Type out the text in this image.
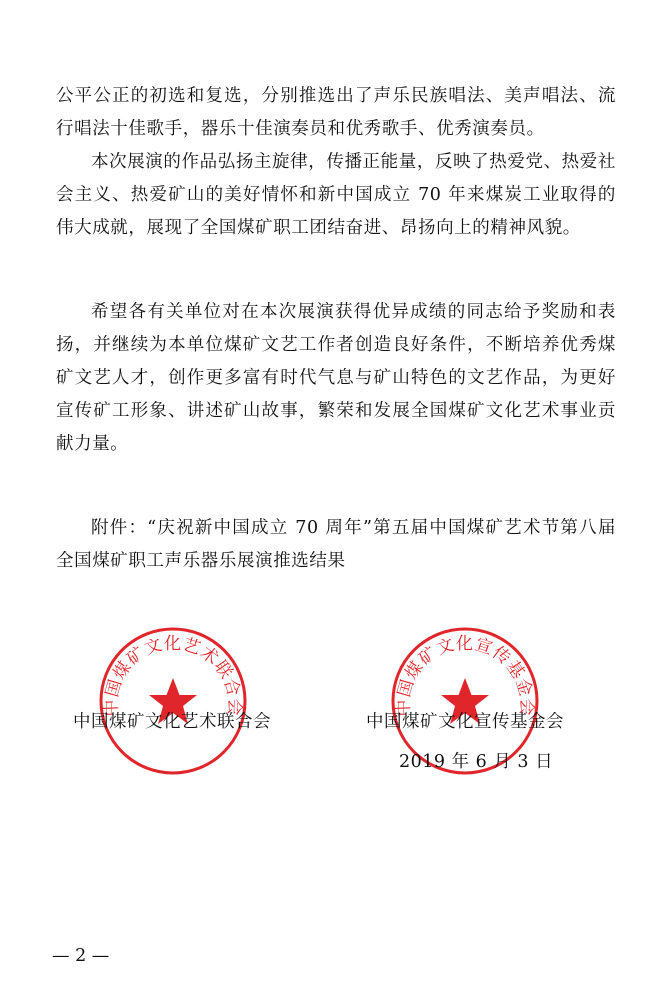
公平公正的初选和复选，分别推选出了声乐民族唱法、美声唱法、流行唱法十佳歌手，器乐十佳演奏员和优秀歌手、优秀演奏员。

本次展演的作品弘扬主旋律，传播正能量，反映了热爱党、热爱社会主义、热爱矿山的美好情怀和新中国成立 70 年来煤炭工业取得的伟大成就，展现了全国煤矿职工团结奋进、昂扬向上的精神风貌。

希望各有关单位对在本次展演获得优异成绩的同志给予奖励和表扬，并继续为本单位煤矿文艺工作者创造良好条件，不断培养优秀煤矿文艺人才，创作更多富有时代气息与矿山特色的文艺作品，为更好宣传矿工形象、讲述矿山故事，繁荣和发展全国煤矿文化艺术事业贡献力量。

附件：“庆祝新中国成立 70 周年”第五届中国煤矿艺术节第八届全国煤矿职工声乐器乐展演推选结果

中国煤矿文化艺术联合会	中国煤矿文化宣传基金会
中国煤矿文化艺术联合会	中国煤矿文化宣传基金会
2019 年 6 月 3 日
— 2 —
